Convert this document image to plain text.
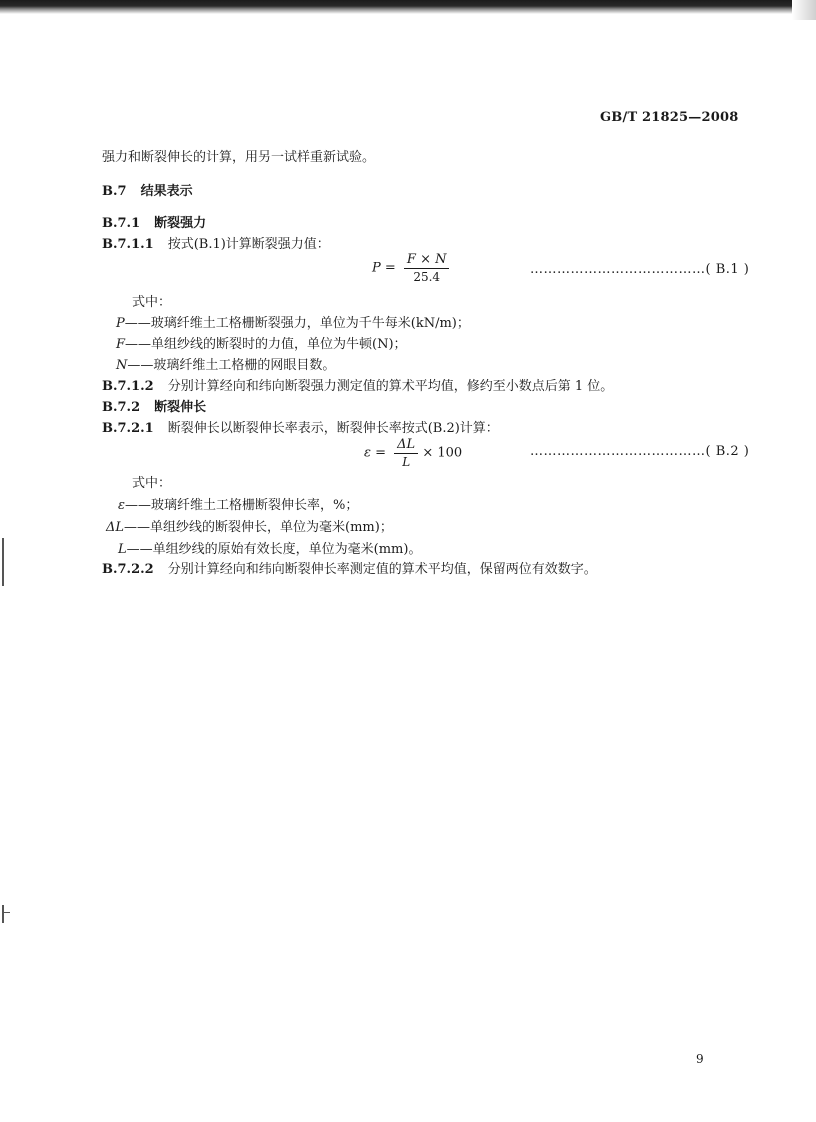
GB/T 21825—2008
强力和断裂伸长的计算，用另一试样重新试验。
B.7 结果表示
B.7.1 断裂强力
B.7.1.1 按式(B.1)计算断裂强力值：
$P = \frac{F \times N}{25.4}$	…………………………………( B.1 )
式中：
P——玻璃纤维土工格栅断裂强力，单位为千牛每米(kN/m)；
F——单组纱线的断裂时的力值，单位为牛顿(N)；
N——玻璃纤维土工格栅的网眼目数。
B.7.1.2 分别计算经向和纬向断裂强力测定值的算术平均值，修约至小数点后第 1 位。
B.7.2 断裂伸长
B.7.2.1 断裂伸长以断裂伸长率表示，断裂伸长率按式(B.2)计算：
$\varepsilon = \frac{\Delta L}{L} \times 100$	…………………………………( B.2 )
式中：
ε——玻璃纤维土工格栅断裂伸长率，%；
ΔL——单组纱线的断裂伸长，单位为毫米(mm)；
L——单组纱线的原始有效长度，单位为毫米(mm)。
B.7.2.2 分别计算经向和纬向断裂伸长率测定值的算术平均值，保留两位有效数字。
9
